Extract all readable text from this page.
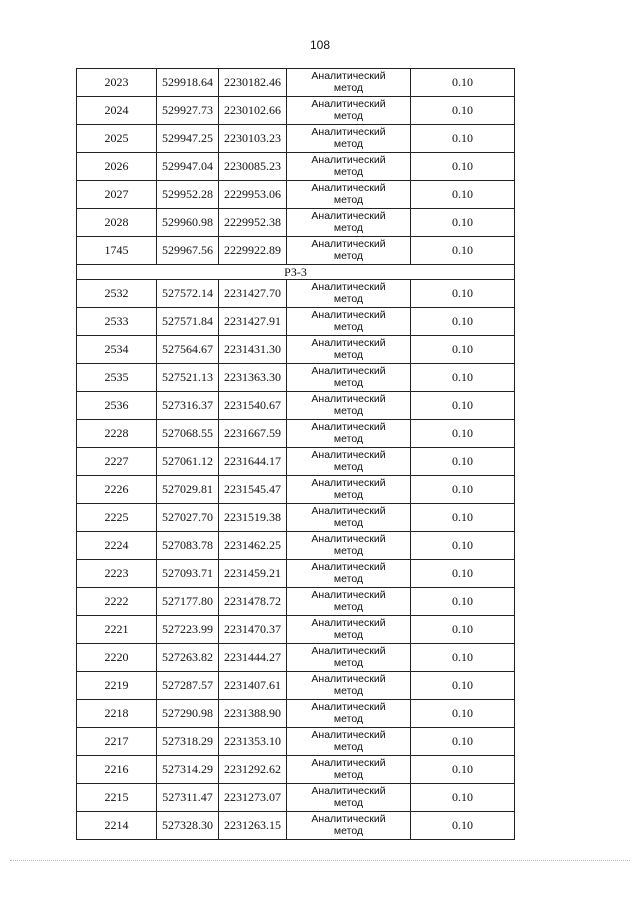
108
2023	529918.64	2230182.46	Аналитический
метод	0.10
2024	529927.73	2230102.66	Аналитический
метод	0.10
2025	529947.25	2230103.23	Аналитический
метод	0.10
2026	529947.04	2230085.23	Аналитический
метод	0.10
2027	529952.28	2229953.06	Аналитический
метод	0.10
2028	529960.98	2229952.38	Аналитический
метод	0.10
1745	529967.56	2229922.89	Аналитический
метод	0.10
РЗ-3				
2532	527572.14	2231427.70	Аналитический
метод	0.10
2533	527571.84	2231427.91	Аналитический
метод	0.10
2534	527564.67	2231431.30	Аналитический
метод	0.10
2535	527521.13	2231363.30	Аналитический
метод	0.10
2536	527316.37	2231540.67	Аналитический
метод	0.10
2228	527068.55	2231667.59	Аналитический
метод	0.10
2227	527061.12	2231644.17	Аналитический
метод	0.10
2226	527029.81	2231545.47	Аналитический
метод	0.10
2225	527027.70	2231519.38	Аналитический
метод	0.10
2224	527083.78	2231462.25	Аналитический
метод	0.10
2223	527093.71	2231459.21	Аналитический
метод	0.10
2222	527177.80	2231478.72	Аналитический
метод	0.10
2221	527223.99	2231470.37	Аналитический
метод	0.10
2220	527263.82	2231444.27	Аналитический
метод	0.10
2219	527287.57	2231407.61	Аналитический
метод	0.10
2218	527290.98	2231388.90	Аналитический
метод	0.10
2217	527318.29	2231353.10	Аналитический
метод	0.10
2216	527314.29	2231292.62	Аналитический
метод	0.10
2215	527311.47	2231273.07	Аналитический
метод	0.10
2214	527328.30	2231263.15	Аналитический
метод	0.10
